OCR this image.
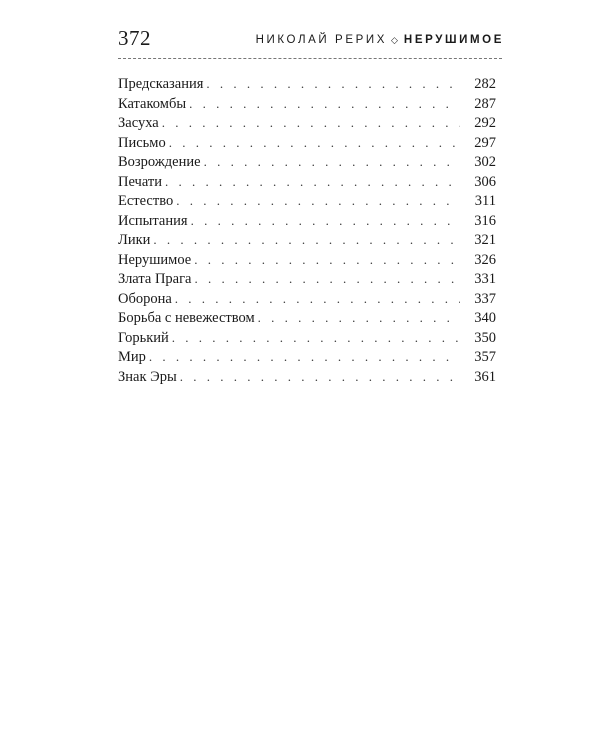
372	НИКОЛАЙ РЕРИХ ◇ НЕРУШИМОЕ
Предсказания . . .	282
Катакомбы . . .	287
Засуха . . .	292
Письмо . . .	297
Возрождение . . .	302
Печати . . .	306
Естество . . .	311
Испытания . . .	316
Лики . . .	321
Нерушимое . . .	326
Злата Прага . . .	331
Оборона . . .	337
Борьба с невежеством . . .	340
Горький . . .	350
Мир . . .	357
Знак Эры . . .	361
